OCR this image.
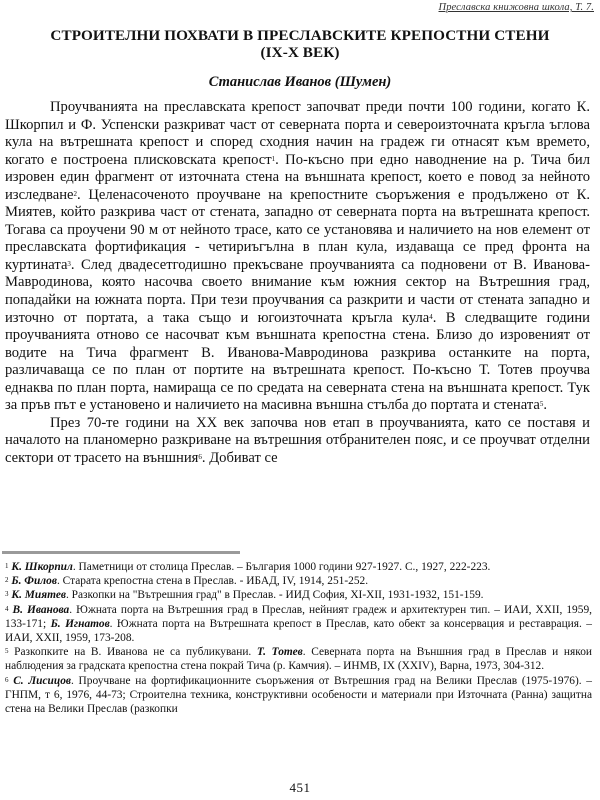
Преславска книжовна школа, Т. 7.
СТРОИТЕЛНИ ПОХВАТИ В ПРЕСЛАВСКИТЕ КРЕПОСТНИ СТЕНИ
(IX-X ВЕК)
Станислав Иванов (Шумен)

Проучванията на преславската крепост започват преди почти 100 години, когато К. Шкорпил и Ф. Успенски разкриват част от северната порта и североизточната кръгла ъглова кула на вътрешната крепост и според сходния начин на градеж ги отнасят към времето, когато е построена плисковската крепост$^1$. По-късно при едно наводнение на р. Тича бил изровен един фрагмент от източната стена на външната крепост, което е повод за нейното изследване$^2$. Целенасоченото проучване на крепостните съоръжения е продължено от К. Миятев, който разкрива част от стената, западно от северната порта на вътрешната крепост. Тогава са проучени 90 м от нейното трасе, като се установява и наличието на нов елемент от преславската фортификация - четириъгълна в план кула, издаваща се пред фронта на куртината$^3$. След двадесетгодишно прекъсване проучванията са подновени от В. Иванова-Мавродинова, която насочва своето внимание към южния сектор на Вътрешния град, попадайки на южната порта. При тези проучвания са разкрити и части от стената западно и източно от портата, а така също и югоизточната кръгла кула$^4$. В следващите години проучванията отново се насочват към външната крепостна стена. Близо до изровеният от водите на Тича фрагмент В. Иванова-Мавродинова разкрива останките на порта, различаваща се по план от портите на вътрешната крепост. По-късно Т. Тотев проучва еднаква по план порта, намираща се по средата на северната стена на външната крепост. Тук за пръв път е установено и наличието на масивна външна стълба до портата и стената$^5$.

През 70-те години на XX век започва нов етап в проучванията, като се поставя и началото на планомерно разкриване на вътрешния отбранителен пояс, и се проучват отделни сектори от трасето на външния$^6$. Добиват се

$^1$ К. Шкорпил. Паметници от столица Преслав. – България 1000 години 927-1927. С., 1927, 222-223.

$^2$ Б. Филов. Старата крепостна стена в Преслав. - ИБАД, IV, 1914, 251-252.

$^3$ К. Миятев. Разкопки на "Вътрешния град" в Преслав. - ИИД София, XI-XII, 1931-1932, 151-159.

$^4$ В. Иванова. Южната порта на Вътрешния град в Преслав, нейният градеж и архитектурен тип. – ИАИ, XXII, 1959, 133-171; Б. Игнатов. Южната порта на Вътрешната крепост в Преслав, като обект за консервация и реставрация. – ИАИ, XXII, 1959, 173-208.

$^5$ Разкопките на В. Иванова не са публикувани. Т. Тотев. Северната порта на Външния град в Преслав и някои наблюдения за градската крепостна стена покрай Тича (р. Камчия). – ИНМВ, IX (XXIV), Варна, 1973, 304-312.

$^6$ С. Лисицов. Проучване на фортификационните съоръжения от Вътрешния град на Велики Преслав (1975-1976). – ГНПМ, т 6, 1976, 44-73; Строителна техника, конструктивни особености и материали при Източната (Ранна) защитна стена на Велики Преслав (разкопки

451
